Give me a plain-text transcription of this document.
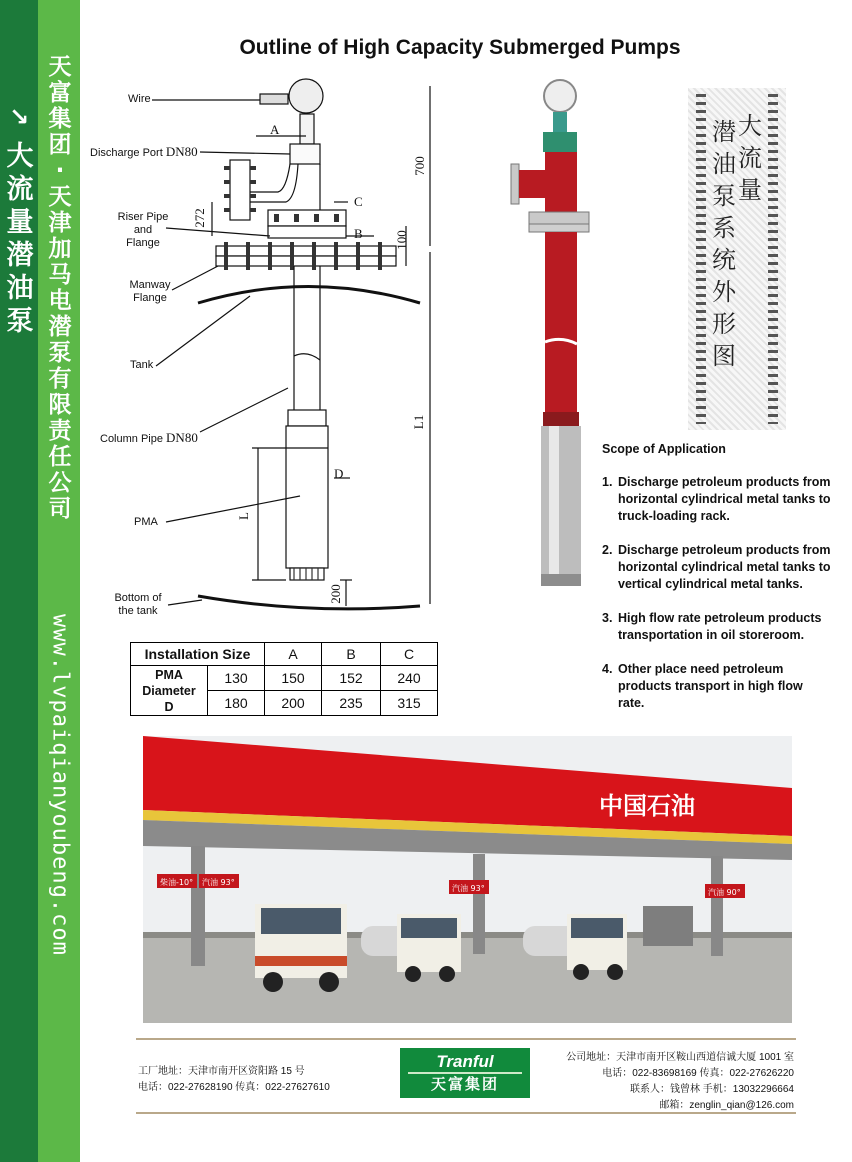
↘
大
流
量
潜
油
泵
天
富
集
团
·
天
津
加
马
电
潜
泵
有
限
责
任
公
司
www.lvpaiqianyoubeng.com
Outline of High Capacity Submerged Pumps
Wire
Discharge Port DN80
Riser Pipe
and
Flange
Manway
Flange
Tank
Column Pipe DN80
PMA
Bottom of
the tank
A
C
B
D
L
L1
272
100
700
200
潜
油
泵
系
统
外
形
图
大
流
量
Scope of Application
1. Discharge petroleum products from horizontal cylindrical metal tanks to truck-loading rack.
2. Discharge petroleum products from horizontal cylindrical metal tanks to vertical cylindrical metal tanks.
3. High flow rate petroleum products transportation in oil storeroom.
4. Other place need petroleum products transport in high flow rate.
Installation Size		A	B	C

PMA
Diameter
D	130	150	152	240
	180	200	235	315
中国石油
柴油-10° 汽油 93°
汽油 93°	汽油 90°
工厂地址：天津市南开区资阳路 15 号
电话：022-27628190 传真：022-27627610
Tranful
天富集团
公司地址：天津市南开区鞍山西道信诚大厦 1001 室
电话：022-83698169 传真：022-27626220
联系人：钱曾林 手机：13032296664
邮箱：zenglin_qian@126.com
